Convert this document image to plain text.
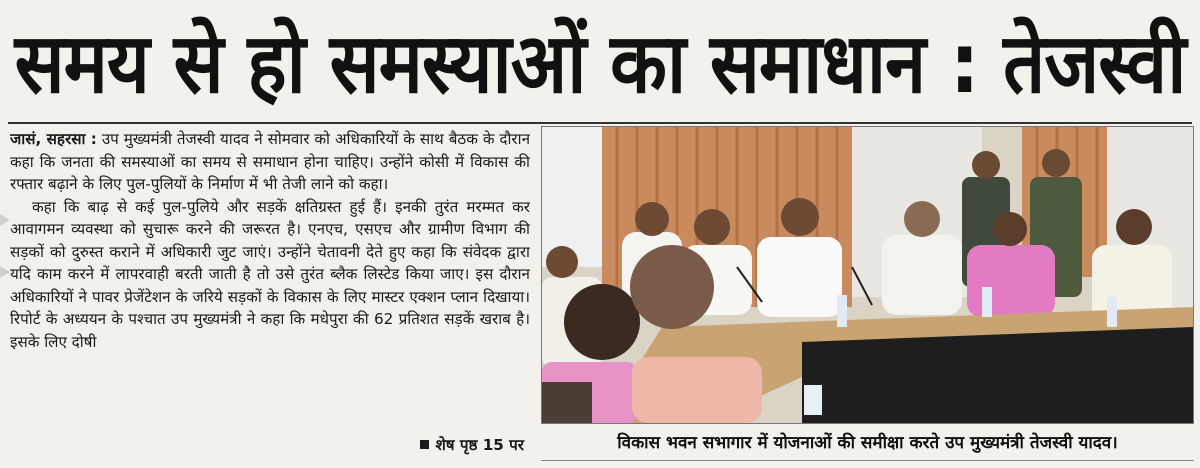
समय से हो समस्याओं का समाधान : तेजस्वी

जासं, सहरसा : उप मुख्यमंत्री तेजस्वी यादव ने सोमवार को अधिकारियों के साथ बैठक के दौरान कहा कि जनता की समस्याओं का समय से समाधान होना चाहिए। उन्होंने कोसी में विकास की रफ्तार बढ़ाने के लिए पुल-पुलियों के निर्माण में भी तेजी लाने को कहा।

कहा कि बाढ़ से कई पुल-पुलिये और सड़कें क्षतिग्रस्त हुई हैं। इनकी तुरंत मरम्मत कर आवागमन व्यवस्था को सुचारू करने की जरूरत है। एनएच, एसएच और ग्रामीण विभाग की सड़कों को दुरुस्त कराने में अधिकारी जुट जाएं। उन्होंने चेतावनी देते हुए कहा कि संवेदक द्वारा यदि काम करने में लापरवाही बरती जाती है तो उसे तुरंत ब्लैक लिस्टेड किया जाए। इस दौरान अधिकारियों ने पावर प्रेजेंटेशन के जरिये सड़कों के विकास के लिए मास्टर एक्शन प्लान दिखाया। रिपोर्ट के अध्ययन के पश्चात उप मुख्यमंत्री ने कहा कि मधेपुरा की 62 प्रतिशत सड़कें खराब है। इसके लिए दोषी

शेष पृष्ठ 15 पर	विकास भवन सभागार में योजनाओं की समीक्षा करते उप मुख्यमंत्री तेजस्वी यादव।
